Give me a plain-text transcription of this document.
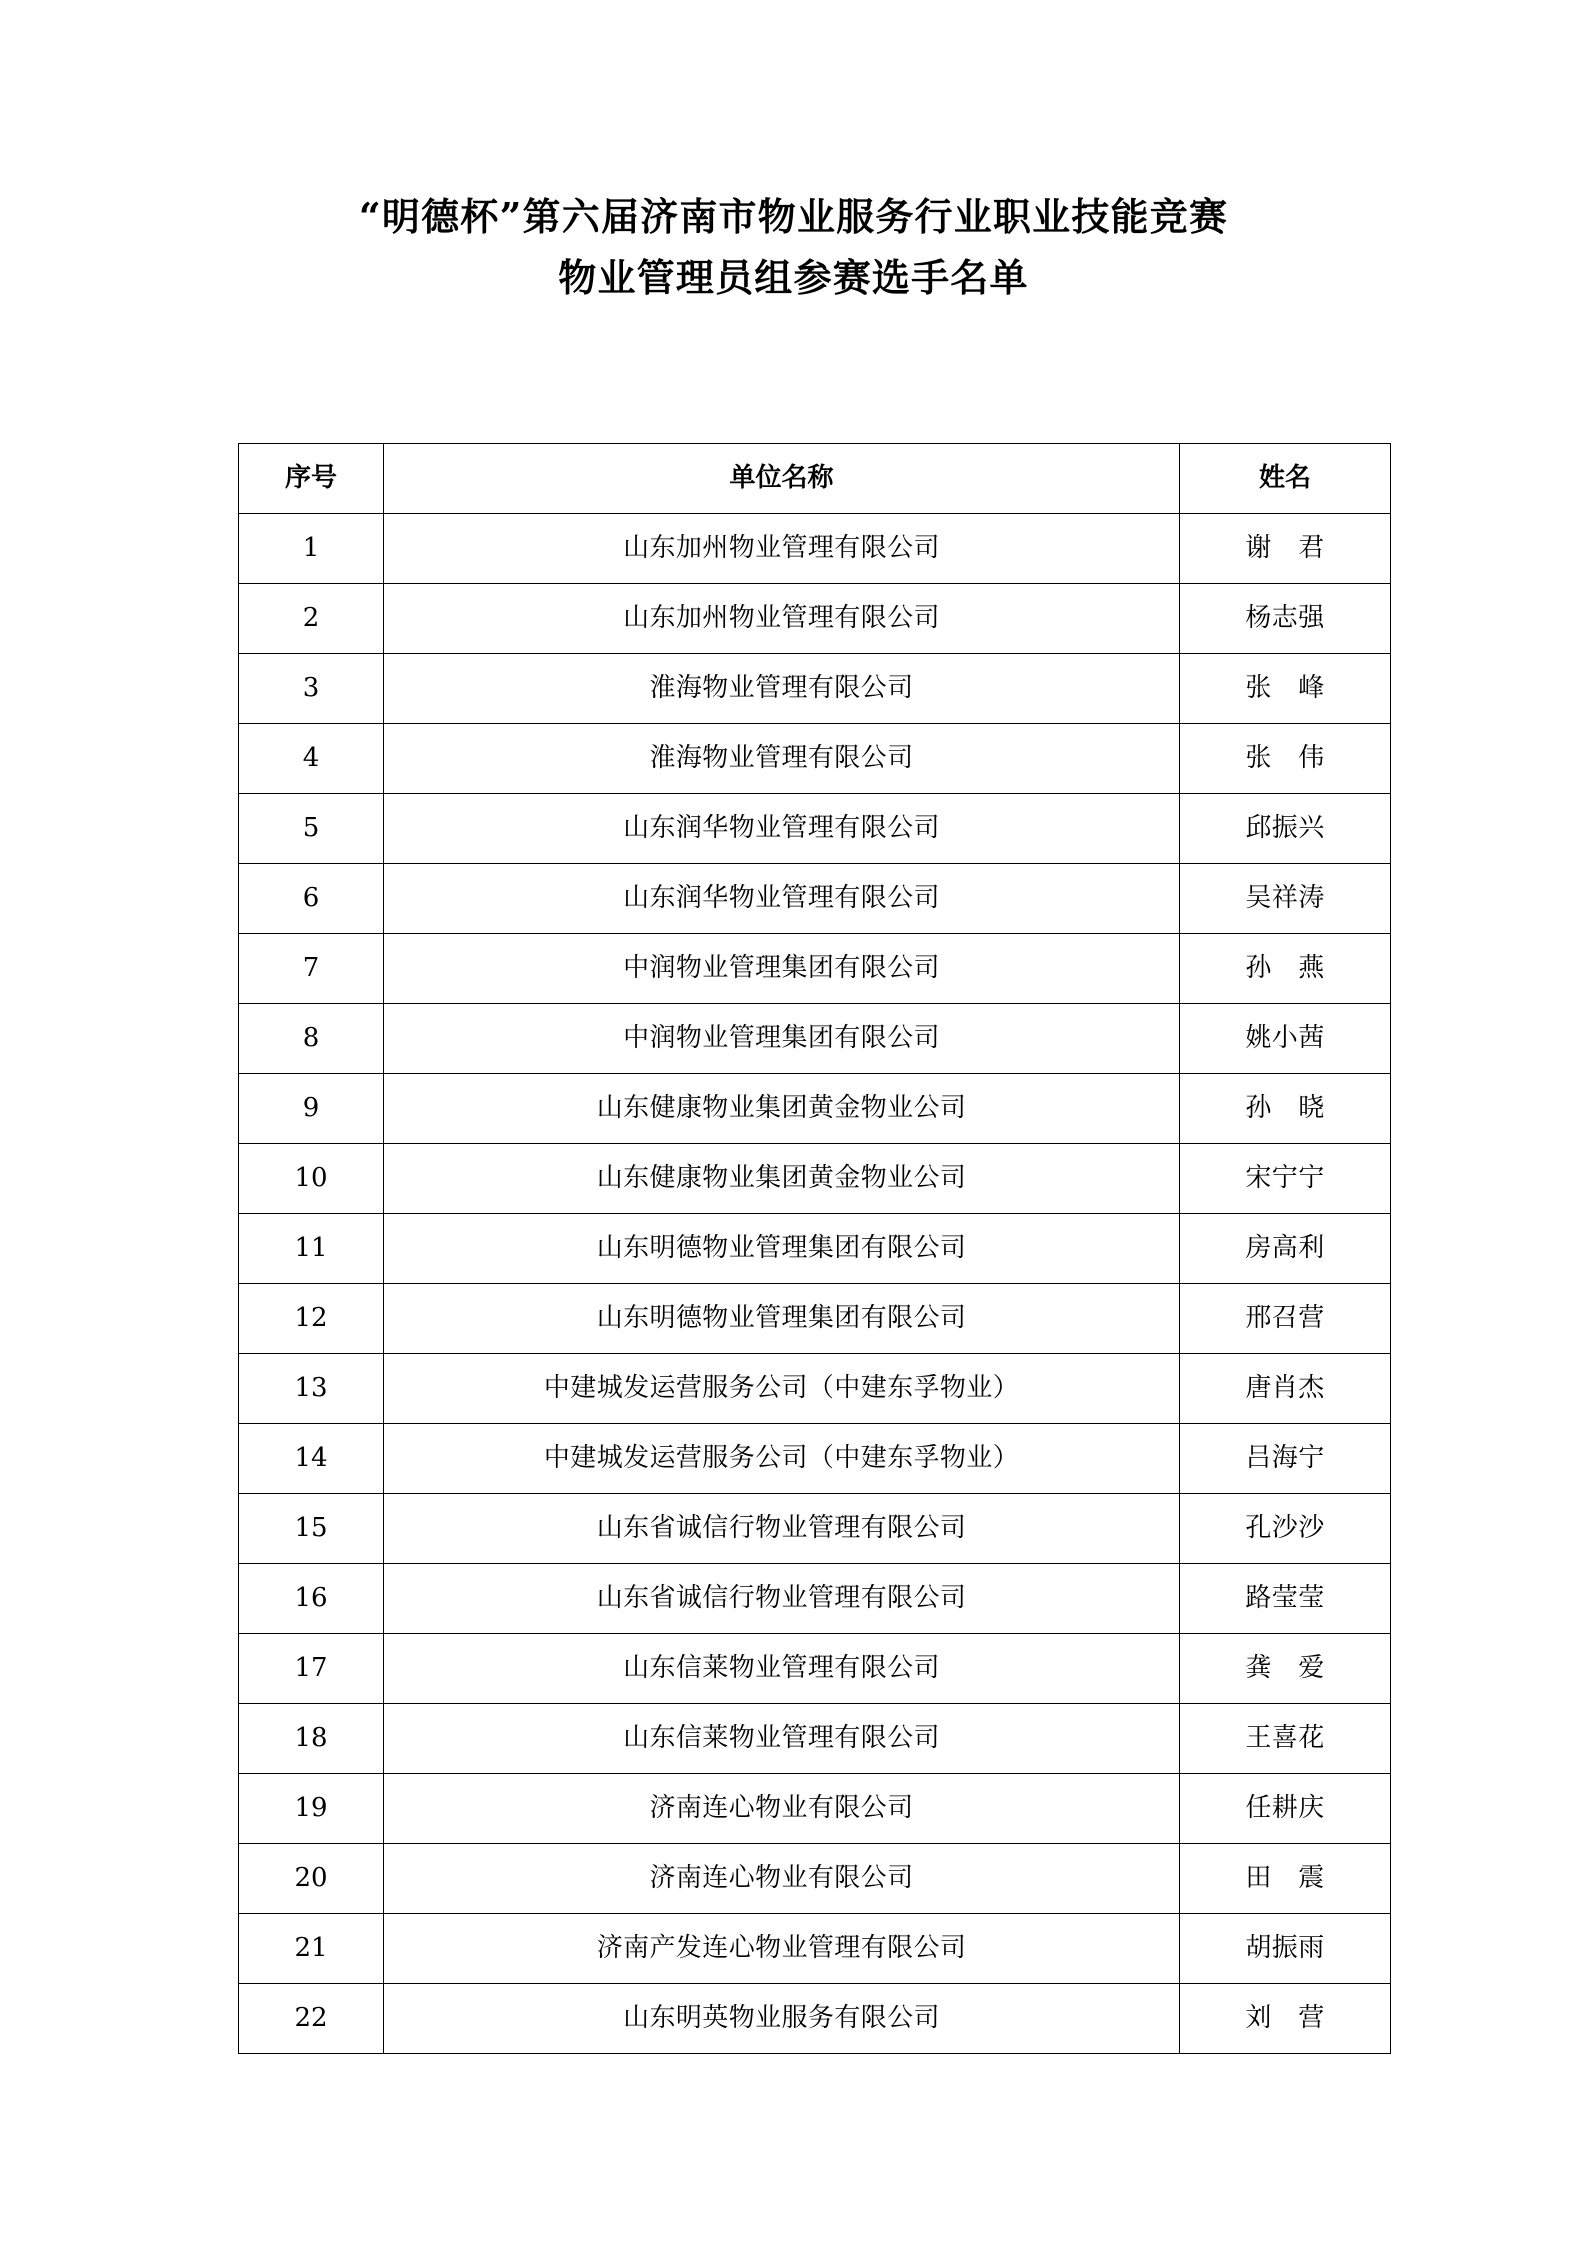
“明德杯”第六届济南市物业服务行业职业技能竞赛
物业管理员组参赛选手名单
序号	单位名称	姓名
1	山东加州物业管理有限公司	谢　君
2	山东加州物业管理有限公司	杨志强
3	淮海物业管理有限公司	张　峰
4	淮海物业管理有限公司	张　伟
5	山东润华物业管理有限公司	邱振兴
6	山东润华物业管理有限公司	吴祥涛
7	中润物业管理集团有限公司	孙　燕
8	中润物业管理集团有限公司	姚小茜
9	山东健康物业集团黄金物业公司	孙　晓
10	山东健康物业集团黄金物业公司	宋宁宁
11	山东明德物业管理集团有限公司	房高利
12	山东明德物业管理集团有限公司	邢召营
13	中建城发运营服务公司（中建东孚物业）	唐肖杰
14	中建城发运营服务公司（中建东孚物业）	吕海宁
15	山东省诚信行物业管理有限公司	孔沙沙
16	山东省诚信行物业管理有限公司	路莹莹
17	山东信莱物业管理有限公司	龚　爱
18	山东信莱物业管理有限公司	王喜花
19	济南连心物业有限公司	任耕庆
20	济南连心物业有限公司	田　震
21	济南产发连心物业管理有限公司	胡振雨
22	山东明英物业服务有限公司	刘　营
